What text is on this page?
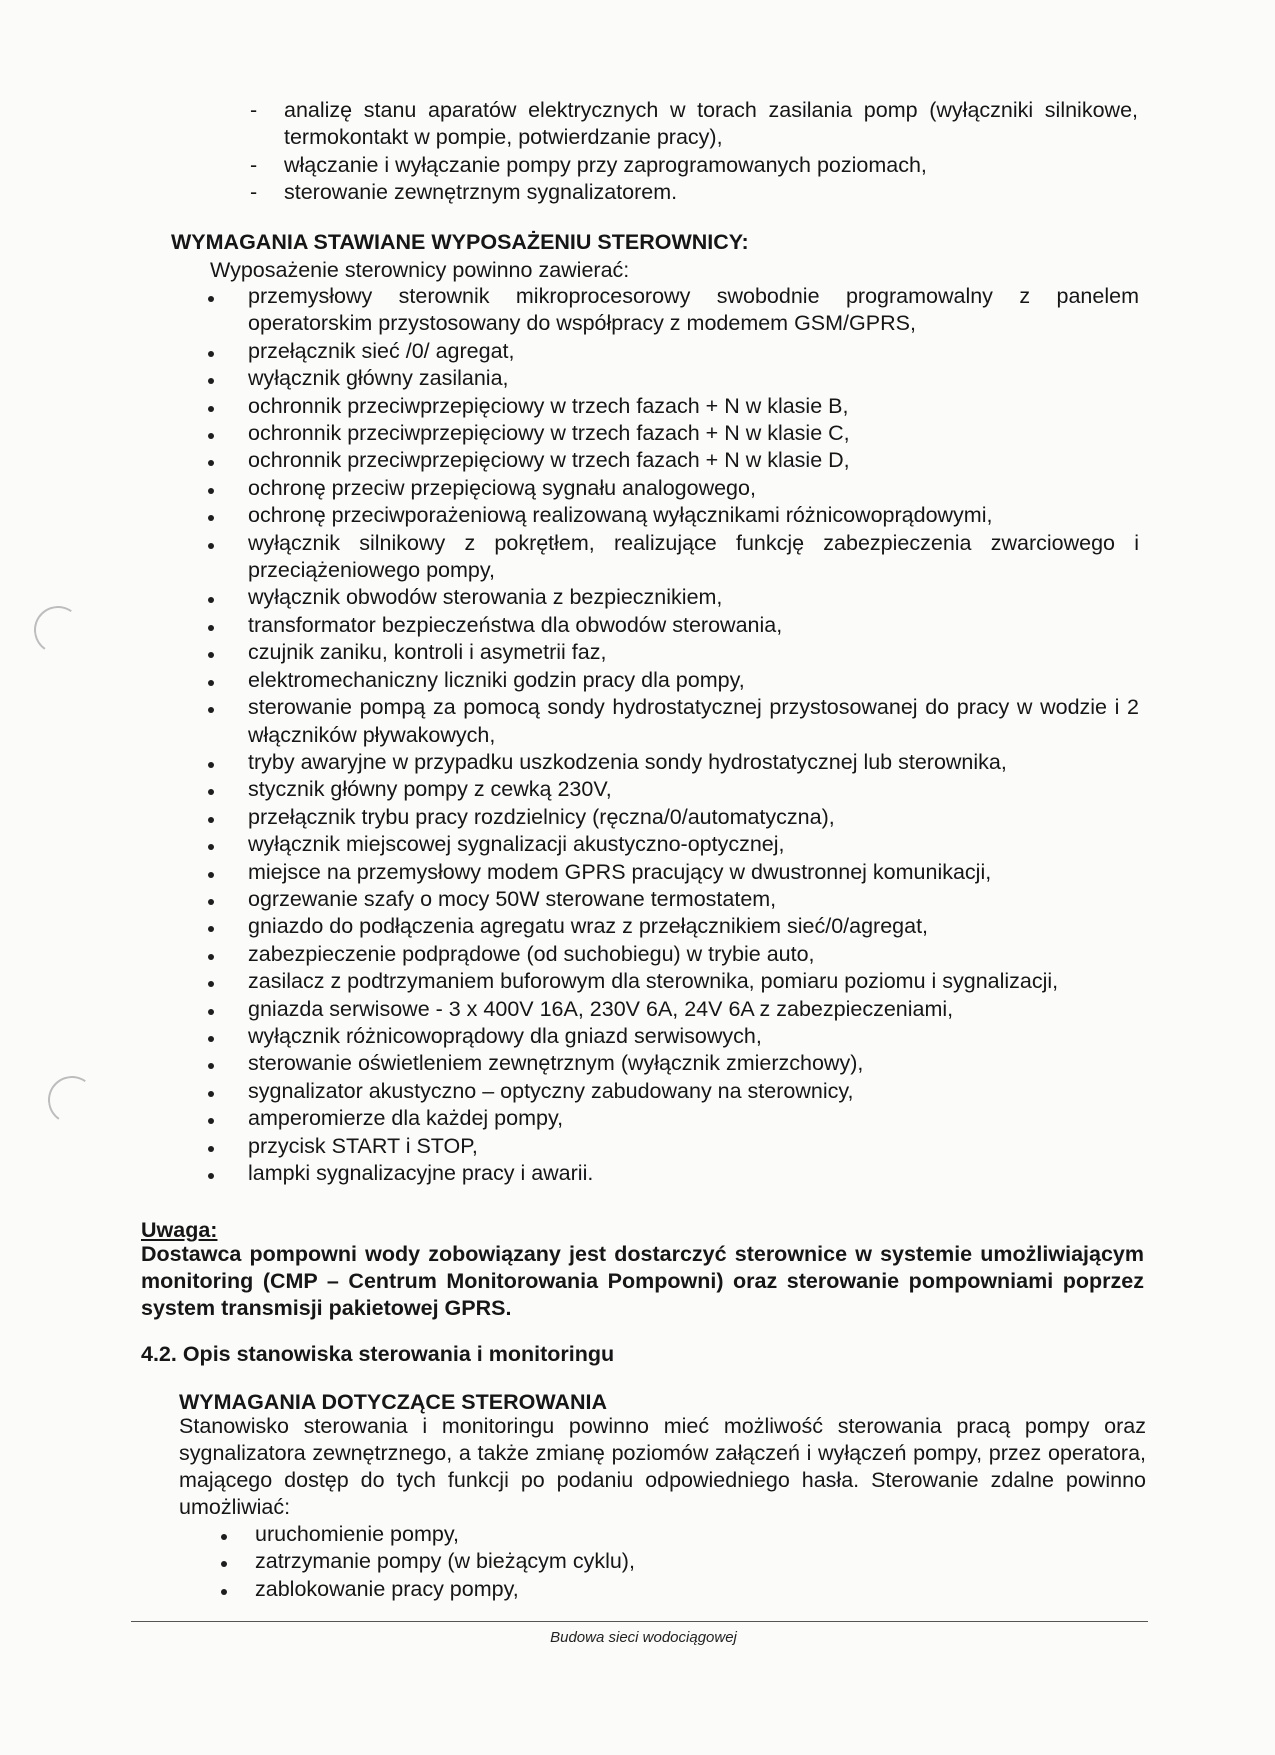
- analizę stanu aparatów elektrycznych w torach zasilania pomp (wyłączniki silnikowe, termokontakt w pompie, potwierdzanie pracy),
- włączanie i wyłączanie pompy przy zaprogramowanych poziomach,
- sterowanie zewnętrznym sygnalizatorem.
WYMAGANIA STAWIANE WYPOSAŻENIU STEROWNICY:
Wyposażenie sterownicy powinno zawierać:
przemysłowy sterownik mikroprocesorowy swobodnie programowalny z panelem operatorskim przystosowany do współpracy z modemem GSM/GPRS,
przełącznik sieć /0/ agregat,
wyłącznik główny zasilania,
ochronnik przeciwprzepięciowy w trzech fazach + N w klasie B,
ochronnik przeciwprzepięciowy w trzech fazach + N w klasie C,
ochronnik przeciwprzepięciowy w trzech fazach + N w klasie D,
ochronę przeciw przepięciową sygnału analogowego,
ochronę przeciwporażeniową realizowaną wyłącznikami różnicowoprądowymi,
wyłącznik silnikowy z pokrętłem, realizujące funkcję zabezpieczenia zwarciowego i przeciążeniowego pompy,
wyłącznik obwodów sterowania z bezpiecznikiem,
transformator bezpieczeństwa dla obwodów sterowania,
czujnik zaniku, kontroli i asymetrii faz,
elektromechaniczny liczniki godzin pracy dla pompy,
sterowanie pompą za pomocą sondy hydrostatycznej przystosowanej do pracy w wodzie i 2 włączników pływakowych,
tryby awaryjne w przypadku uszkodzenia sondy hydrostatycznej lub sterownika,
stycznik główny pompy z cewką 230V,
przełącznik trybu pracy rozdzielnicy (ręczna/0/automatyczna),
wyłącznik miejscowej sygnalizacji akustyczno-optycznej,
miejsce na przemysłowy modem GPRS pracujący w dwustronnej komunikacji,
ogrzewanie szafy o mocy 50W sterowane termostatem,
gniazdo do podłączenia agregatu wraz z przełącznikiem sieć/0/agregat,
zabezpieczenie podprądowe (od suchobiegu) w trybie auto,
zasilacz z podtrzymaniem buforowym dla sterownika, pomiaru poziomu i sygnalizacji,
gniazda serwisowe - 3 x 400V 16A, 230V 6A, 24V 6A z zabezpieczeniami,
wyłącznik różnicowoprądowy dla gniazd serwisowych,
sterowanie oświetleniem zewnętrznym (wyłącznik zmierzchowy),
sygnalizator akustyczno – optyczny zabudowany na sterownicy,
amperomierze dla każdej pompy,
przycisk START i STOP,
lampki sygnalizacyjne pracy i awarii.
Uwaga:
Dostawca pompowni wody zobowiązany jest dostarczyć sterownice w systemie umożliwiającym monitoring (CMP – Centrum Monitorowania Pompowni) oraz sterowanie pompowniami poprzez system transmisji pakietowej GPRS.
4.2. Opis stanowiska sterowania i monitoringu
WYMAGANIA DOTYCZĄCE STEROWANIA
Stanowisko sterowania i monitoringu powinno mieć możliwość sterowania pracą pompy oraz sygnalizatora zewnętrznego, a także zmianę poziomów załączeń i wyłączeń pompy, przez operatora, mającego dostęp do tych funkcji po podaniu odpowiedniego hasła. Sterowanie zdalne powinno umożliwiać:
uruchomienie pompy,
zatrzymanie pompy (w bieżącym cyklu),
zablokowanie pracy pompy,
Budowa sieci wodociągowej
